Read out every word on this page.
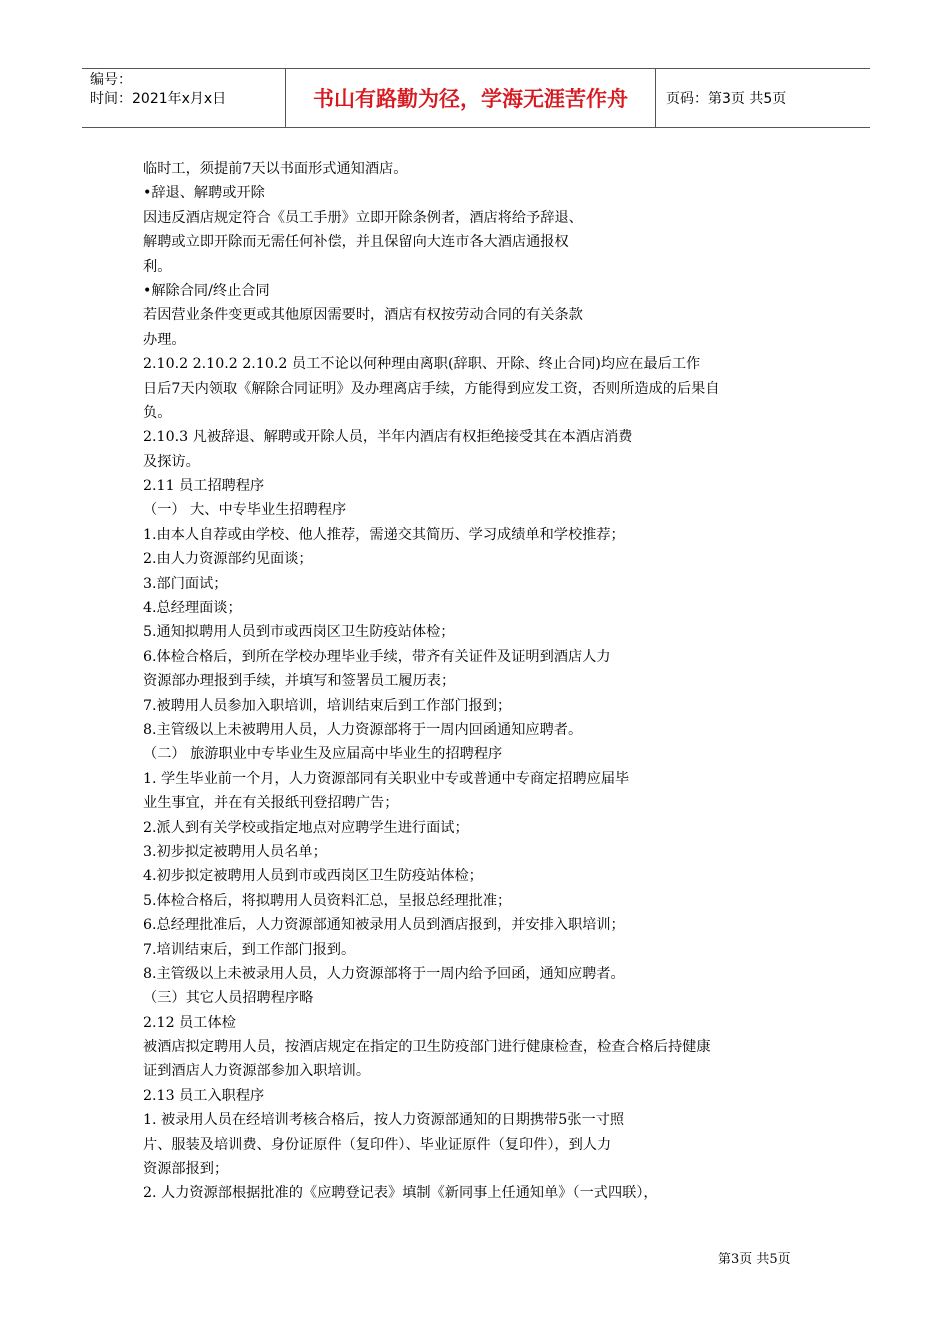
编号：
时间：2021年x月x日	书山有路勤为径，学海无涯苦作舟	页码：第3页 共5页
临时工，须提前7天以书面形式通知酒店。
•辞退、解聘或开除
因违反酒店规定符合《员工手册》立即开除条例者，酒店将给予辞退、
解聘或立即开除而无需任何补偿，并且保留向大连市各大酒店通报权
利。
•解除合同/终止合同
若因营业条件变更或其他原因需要时，酒店有权按劳动合同的有关条款
办理。
2.10.2 2.10.2 2.10.2 员工不论以何种理由离职(辞职、开除、终止合同)均应在最后工作
日后7天内领取《解除合同证明》及办理离店手续，方能得到应发工资，否则所造成的后果自
负。
2.10.3 凡被辞退、解聘或开除人员，半年内酒店有权拒绝接受其在本酒店消费
及探访。
2.11 员工招聘程序
（一） 大、中专毕业生招聘程序
1.由本人自荐或由学校、他人推荐，需递交其简历、学习成绩单和学校推荐；
2.由人力资源部约见面谈；
3.部门面试；
4.总经理面谈；
5.通知拟聘用人员到市或西岗区卫生防疫站体检；
6.体检合格后，到所在学校办理毕业手续，带齐有关证件及证明到酒店人力
资源部办理报到手续，并填写和签署员工履历表；
7.被聘用人员参加入职培训，培训结束后到工作部门报到；
8.主管级以上未被聘用人员，人力资源部将于一周内回函通知应聘者。
（二） 旅游职业中专毕业生及应届高中毕业生的招聘程序
1. 学生毕业前一个月，人力资源部同有关职业中专或普通中专商定招聘应届毕
业生事宜，并在有关报纸刊登招聘广告；
2.派人到有关学校或指定地点对应聘学生进行面试；
3.初步拟定被聘用人员名单；
4.初步拟定被聘用人员到市或西岗区卫生防疫站体检；
5.体检合格后，将拟聘用人员资料汇总，呈报总经理批准；
6.总经理批准后，人力资源部通知被录用人员到酒店报到，并安排入职培训；
7.培训结束后，到工作部门报到。
8.主管级以上未被录用人员，人力资源部将于一周内给予回函，通知应聘者。
（三）其它人员招聘程序略
2.12 员工体检
被酒店拟定聘用人员，按酒店规定在指定的卫生防疫部门进行健康检查，检查合格后持健康
证到酒店人力资源部参加入职培训。
2.13 员工入职程序
1. 被录用人员在经培训考核合格后，按人力资源部通知的日期携带5张一寸照
片、服装及培训费、身份证原件（复印件）、毕业证原件（复印件），到人力
资源部报到；
2. 人力资源部根据批准的《应聘登记表》填制《新同事上任通知单》（一式四联），
第3页 共5页
